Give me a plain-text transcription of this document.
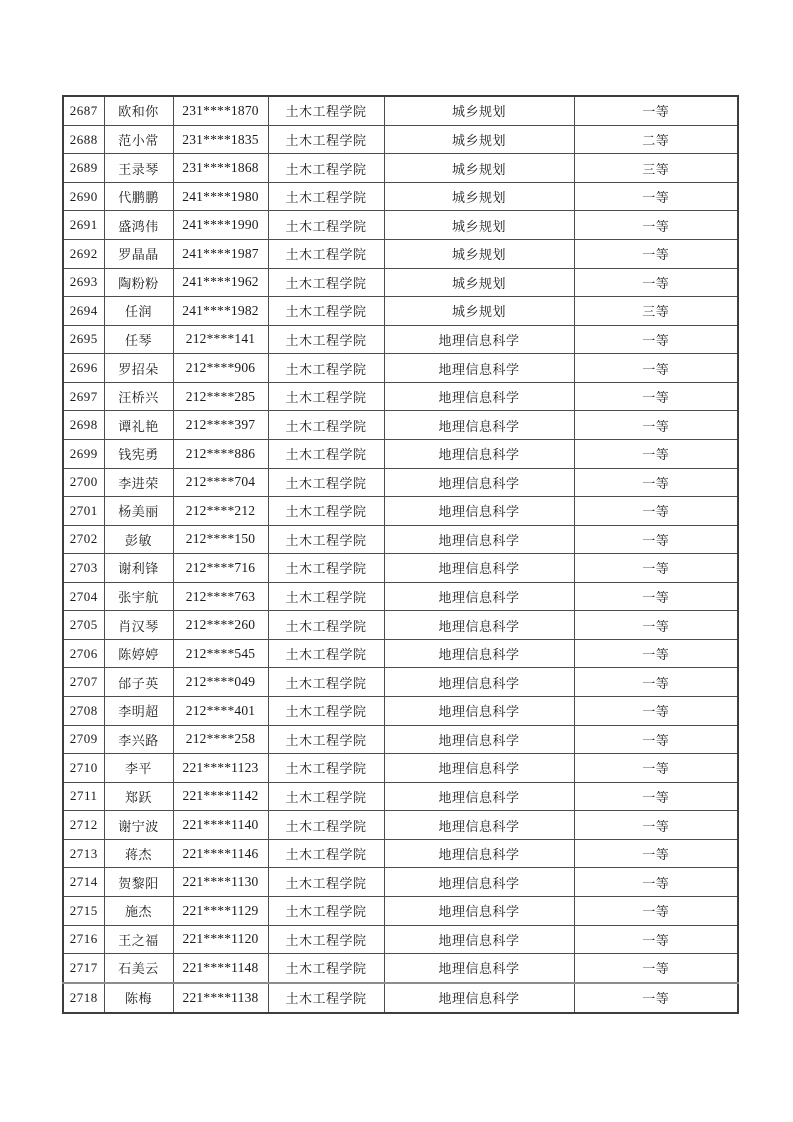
2687	欧和你	231****1870	土木工程学院	城乡规划	一等
2688	范小常	231****1835	土木工程学院	城乡规划	二等
2689	王录琴	231****1868	土木工程学院	城乡规划	三等
2690	代鹏鹏	241****1980	土木工程学院	城乡规划	一等
2691	盛鸿伟	241****1990	土木工程学院	城乡规划	一等
2692	罗晶晶	241****1987	土木工程学院	城乡规划	一等
2693	陶粉粉	241****1962	土木工程学院	城乡规划	一等
2694	任润	241****1982	土木工程学院	城乡规划	三等
2695	任琴	212****141	土木工程学院	地理信息科学	一等
2696	罗招朵	212****906	土木工程学院	地理信息科学	一等
2697	汪桥兴	212****285	土木工程学院	地理信息科学	一等
2698	谭礼艳	212****397	土木工程学院	地理信息科学	一等
2699	钱宪勇	212****886	土木工程学院	地理信息科学	一等
2700	李进荣	212****704	土木工程学院	地理信息科学	一等
2701	杨美丽	212****212	土木工程学院	地理信息科学	一等
2702	彭敏	212****150	土木工程学院	地理信息科学	一等
2703	谢利锋	212****716	土木工程学院	地理信息科学	一等
2704	张宇航	212****763	土木工程学院	地理信息科学	一等
2705	肖汉琴	212****260	土木工程学院	地理信息科学	一等
2706	陈婷婷	212****545	土木工程学院	地理信息科学	一等
2707	邰子英	212****049	土木工程学院	地理信息科学	一等
2708	李明超	212****401	土木工程学院	地理信息科学	一等
2709	李兴路	212****258	土木工程学院	地理信息科学	一等
2710	李平	221****1123	土木工程学院	地理信息科学	一等
2711	郑跃	221****1142	土木工程学院	地理信息科学	一等
2712	谢宁波	221****1140	土木工程学院	地理信息科学	一等
2713	蒋杰	221****1146	土木工程学院	地理信息科学	一等
2714	贺黎阳	221****1130	土木工程学院	地理信息科学	一等
2715	施杰	221****1129	土木工程学院	地理信息科学	一等
2716	王之福	221****1120	土木工程学院	地理信息科学	一等
2717	石美云	221****1148	土木工程学院	地理信息科学	一等
2718	陈梅	221****1138	土木工程学院	地理信息科学	一等
